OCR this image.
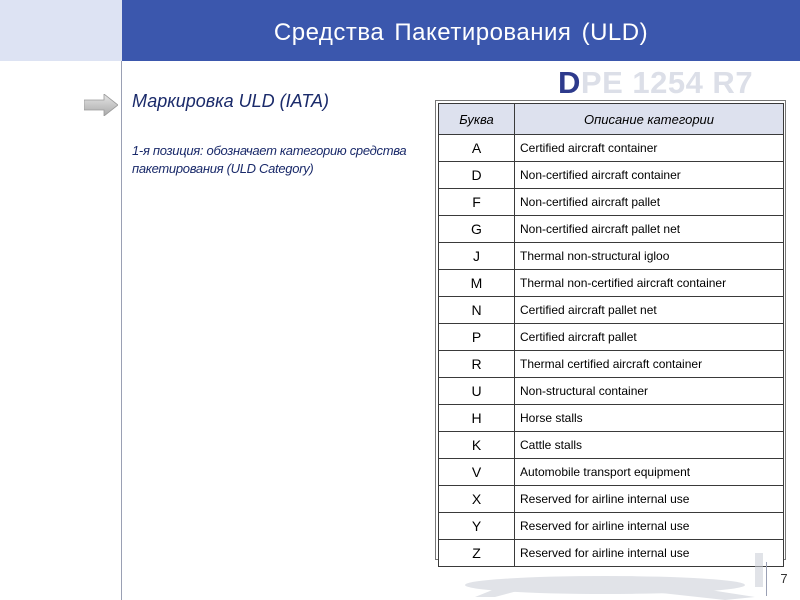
Средства Пакетирования (ULD)
Маркировка ULD (IATA)
1-я позиция: обозначает категорию средства пакетирования (ULD Category)
DPE 1254 R7
Буква	Описание категории
A	Certified aircraft container
D	Non-certified aircraft container
F	Non-certified aircraft pallet
G	Non-certified aircraft pallet net
J	Thermal non-structural igloo
M	Thermal non-certified aircraft container
N	Certified aircraft pallet net
P	Certified aircraft pallet
R	Thermal certified aircraft container
U	Non-structural container
H	Horse stalls
K	Cattle stalls
V	Automobile transport equipment
X	Reserved for airline internal use
Y	Reserved for airline internal use
Z	Reserved for airline internal use
7
